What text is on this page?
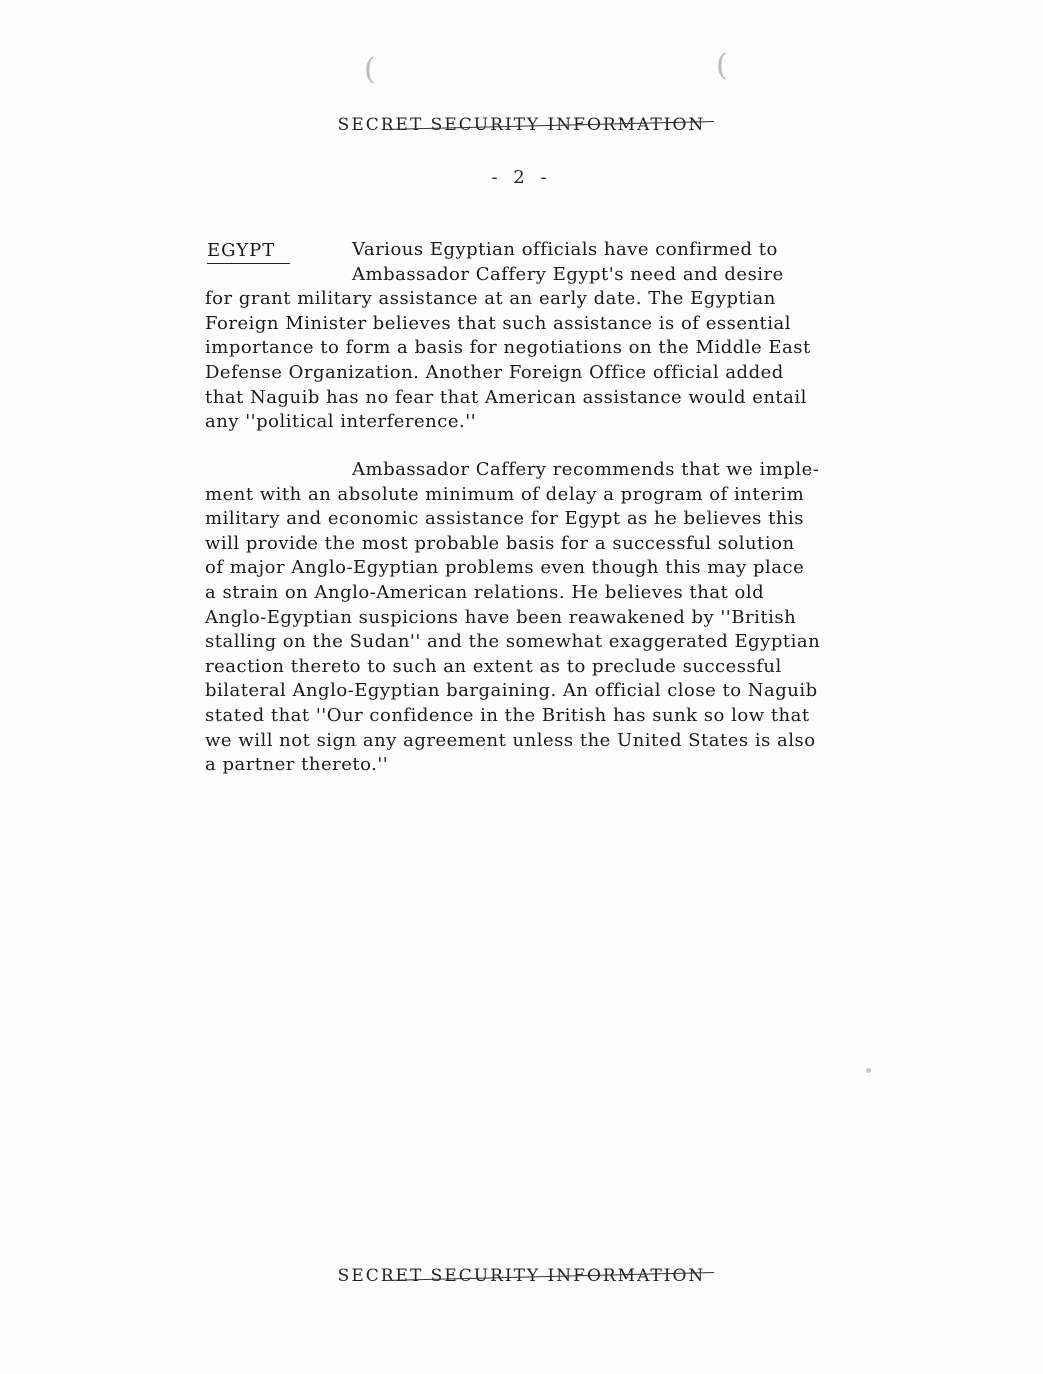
(	(
SECRET SECURITY INFORMATION
- 2 -
EGYPT	Various Egyptian officials have confirmed to
Ambassador Caffery Egypt's need and desire
for grant military assistance at an early date. The Egyptian
Foreign Minister believes that such assistance is of essential
importance to form a basis for negotiations on the Middle East
Defense Organization. Another Foreign Office official added
that Naguib has no fear that American assistance would entail
any ''political interference.''
Ambassador Caffery recommends that we imple-
ment with an absolute minimum of delay a program of interim
military and economic assistance for Egypt as he believes this
will provide the most probable basis for a successful solution
of major Anglo-Egyptian problems even though this may place
a strain on Anglo-American relations. He believes that old
Anglo-Egyptian suspicions have been reawakened by ''British
stalling on the Sudan'' and the somewhat exaggerated Egyptian
reaction thereto to such an extent as to preclude successful
bilateral Anglo-Egyptian bargaining. An official close to Naguib
stated that ''Our confidence in the British has sunk so low that
we will not sign any agreement unless the United States is also
a partner thereto.''
SECRET SECURITY INFORMATION
